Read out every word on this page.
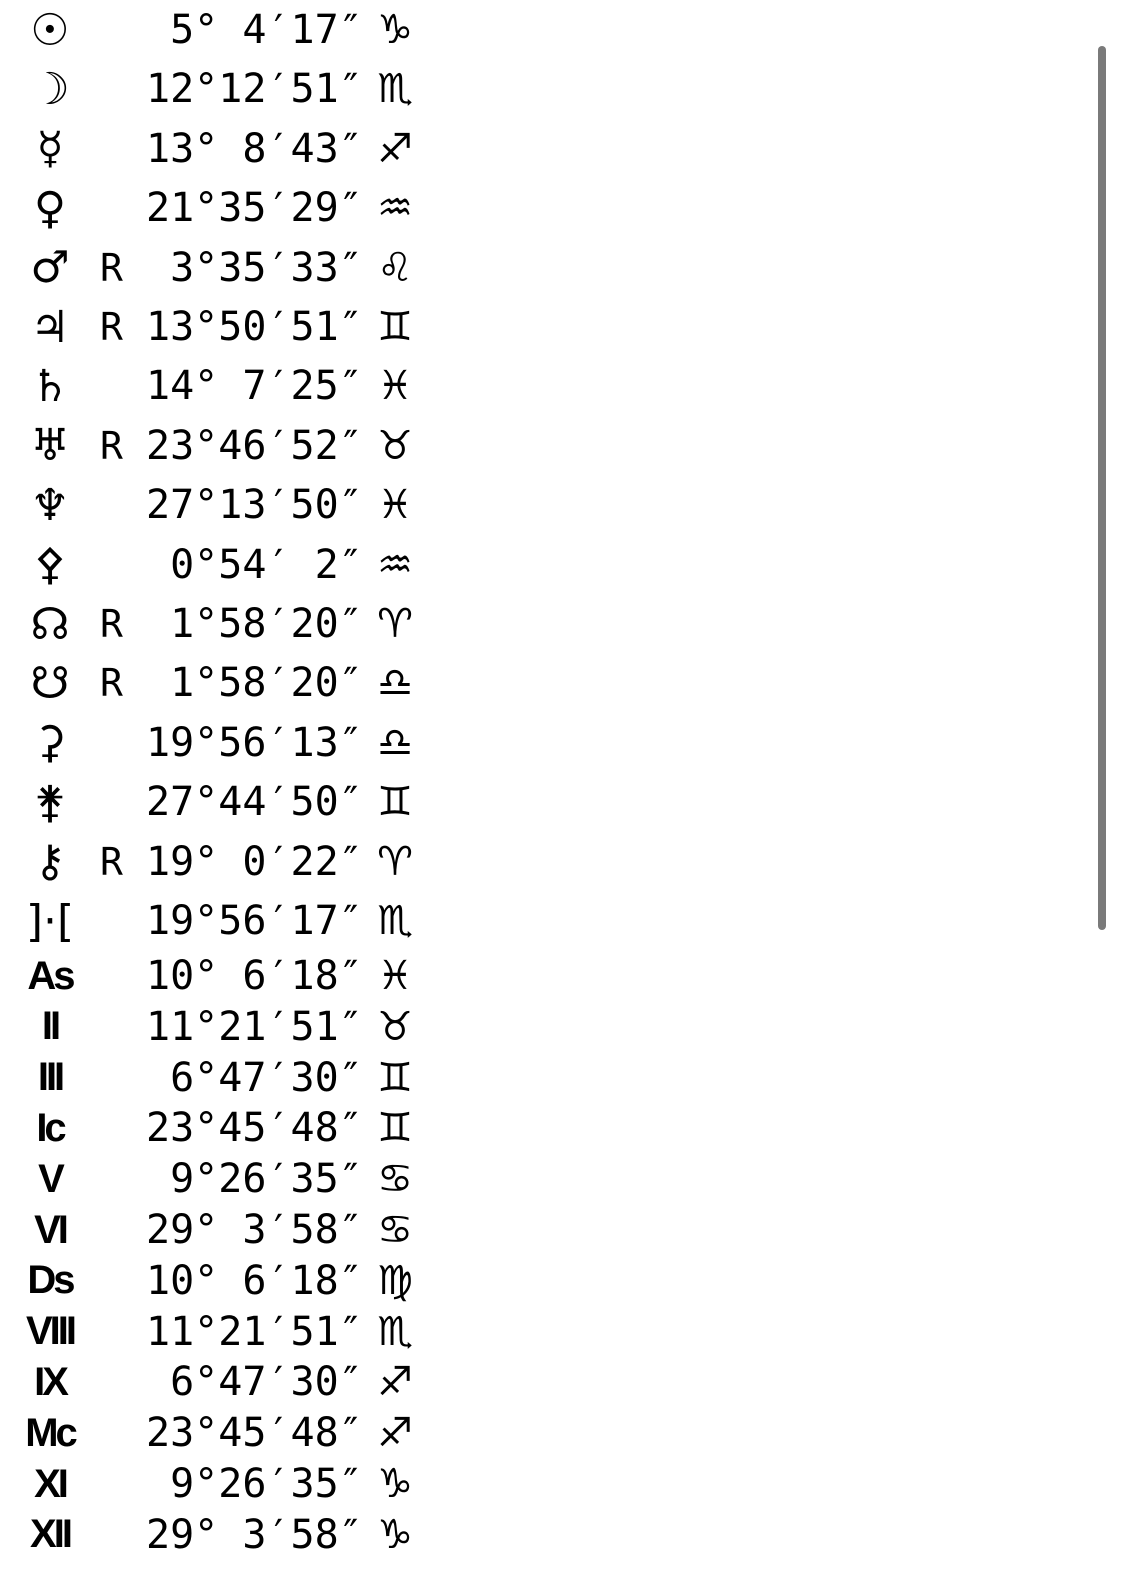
☉ 5° 4′17″ ♑
☽ 12°12′51″ ♏
☿	13° 8′43″ ♐
♀ 21°35′29″ ♒
♂ R 3°35′33″ ♌
♃ R 13°50′51″ ♊
♄ 14° 7′25″ ♓
♅ R 23°46′52″ ♉
♆ 27°13′50″ ♓
⚴ 0°54′ 2″ ♒
☊ R 1°58′20″ ♈
☋ R 1°58′20″ ♎
⚳ 19°56′13″ ♎
⚵ 27°44′50″ ♊
⚷ R 19° 0′22″ ♈
]·[ 19°56′17″ ♏
As 10° 6′18″ ♓
II	11°21′51″ ♉
III	6°47′30″ ♊
Ic	23°45′48″ ♊
V	9°26′35″ ♋
VI	29° 3′58″ ♋
Ds 10° 6′18″ ♍
VIII 11°21′51″ ♏
IX	6°47′30″ ♐
Mc 23°45′48″ ♐
XI	9°26′35″ ♑
XII 29° 3′58″ ♑
